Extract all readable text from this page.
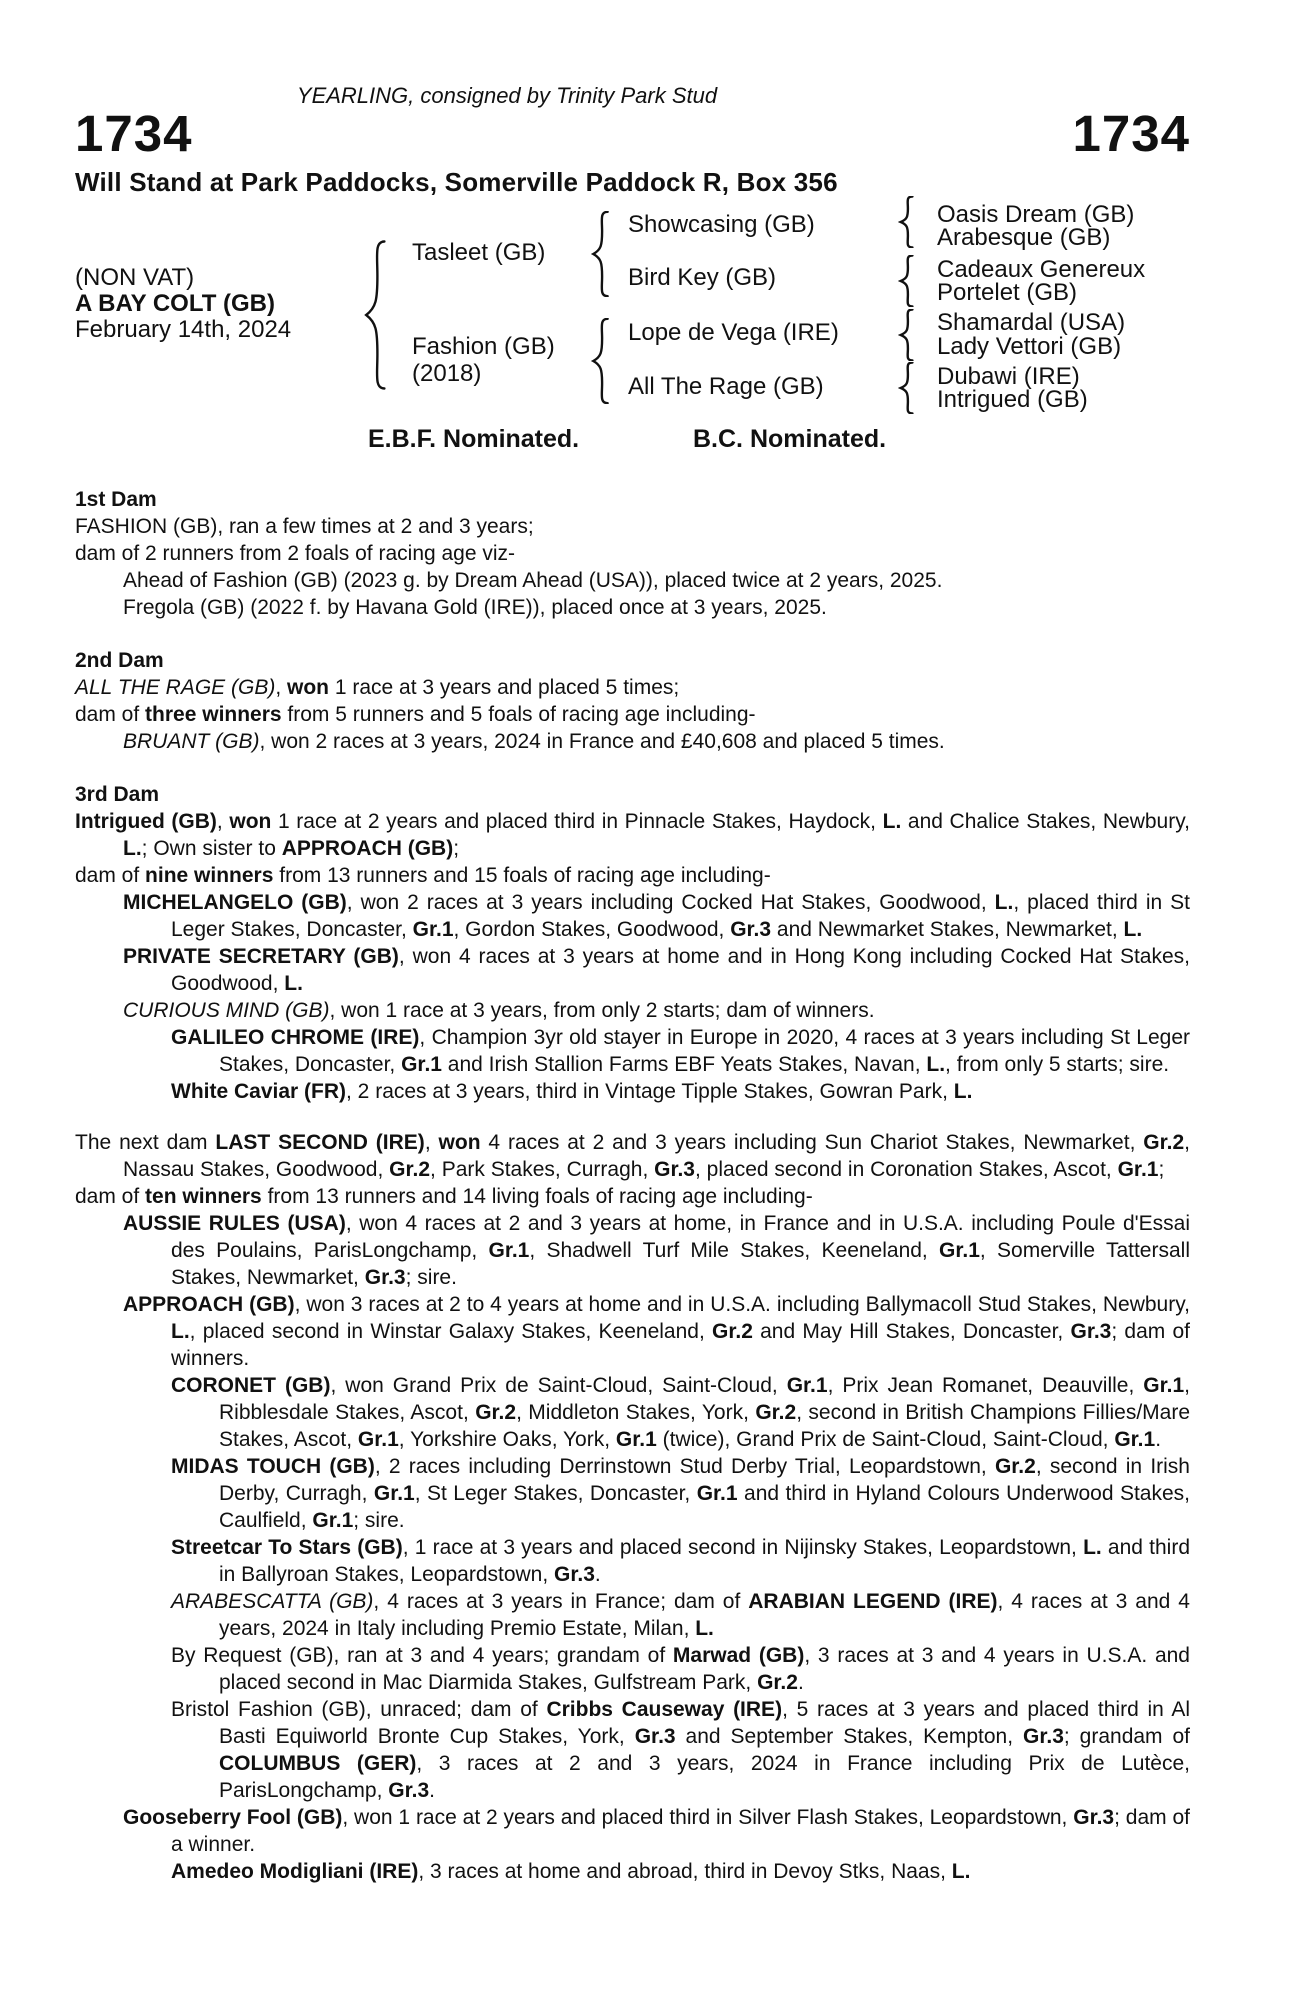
YEARLING, consigned by Trinity Park Stud
1734	1734
Will Stand at Park Paddocks, Somerville Paddock R, Box 356
(NON VAT)
A BAY COLT (GB)
February 14th, 2024
Tasleet (GB)
Fashion (GB)
(2018)
Showcasing (GB)
Bird Key (GB)
Lope de Vega (IRE)
All The Rage (GB)
Oasis Dream (GB)
Arabesque (GB)
Cadeaux Genereux
Portelet (GB)
Shamardal (USA)
Lady Vettori (GB)
Dubawi (IRE)
Intrigued (GB)
E.B.F. Nominated.	B.C. Nominated.
1st Dam

FASHION (GB), ran a few times at 2 and 3 years;

dam of 2 runners from 2 foals of racing age viz-

Ahead of Fashion (GB) (2023 g. by Dream Ahead (USA)), placed twice at 2 years, 2025.

Fregola (GB) (2022 f. by Havana Gold (IRE)), placed once at 3 years, 2025.

2nd Dam

ALL THE RAGE (GB), won 1 race at 3 years and placed 5 times;

dam of three winners from 5 runners and 5 foals of racing age including-

BRUANT (GB), won 2 races at 3 years, 2024 in France and £40,608 and placed 5 times.

3rd Dam

Intrigued (GB), won 1 race at 2 years and placed third in Pinnacle Stakes, Haydock, L. and Chalice Stakes, Newbury, L.; Own sister to APPROACH (GB);

dam of nine winners from 13 runners and 15 foals of racing age including-

MICHELANGELO (GB), won 2 races at 3 years including Cocked Hat Stakes, Goodwood, L., placed third in St Leger Stakes, Doncaster, Gr.1, Gordon Stakes, Goodwood, Gr.3 and Newmarket Stakes, Newmarket, L.

PRIVATE SECRETARY (GB), won 4 races at 3 years at home and in Hong Kong including Cocked Hat Stakes, Goodwood, L.

CURIOUS MIND (GB), won 1 race at 3 years, from only 2 starts; dam of winners.

GALILEO CHROME (IRE), Champion 3yr old stayer in Europe in 2020, 4 races at 3 years including St Leger Stakes, Doncaster, Gr.1 and Irish Stallion Farms EBF Yeats Stakes, Navan, L., from only 5 starts; sire.

White Caviar (FR), 2 races at 3 years, third in Vintage Tipple Stakes, Gowran Park, L.

The next dam LAST SECOND (IRE), won 4 races at 2 and 3 years including Sun Chariot Stakes, Newmarket, Gr.2, Nassau Stakes, Goodwood, Gr.2, Park Stakes, Curragh, Gr.3, placed second in Coronation Stakes, Ascot, Gr.1;

dam of ten winners from 13 runners and 14 living foals of racing age including-

AUSSIE RULES (USA), won 4 races at 2 and 3 years at home, in France and in U.S.A. including Poule d'Essai des Poulains, ParisLongchamp, Gr.1, Shadwell Turf Mile Stakes, Keeneland, Gr.1, Somerville Tattersall Stakes, Newmarket, Gr.3; sire.

APPROACH (GB), won 3 races at 2 to 4 years at home and in U.S.A. including Ballymacoll Stud Stakes, Newbury, L., placed second in Winstar Galaxy Stakes, Keeneland, Gr.2 and May Hill Stakes, Doncaster, Gr.3; dam of winners.

CORONET (GB), won Grand Prix de Saint-Cloud, Saint-Cloud, Gr.1, Prix Jean Romanet, Deauville, Gr.1, Ribblesdale Stakes, Ascot, Gr.2, Middleton Stakes, York, Gr.2, second in British Champions Fillies/Mare Stakes, Ascot, Gr.1, Yorkshire Oaks, York, Gr.1 (twice), Grand Prix de Saint-Cloud, Saint-Cloud, Gr.1.

MIDAS TOUCH (GB), 2 races including Derrinstown Stud Derby Trial, Leopardstown, Gr.2, second in Irish Derby, Curragh, Gr.1, St Leger Stakes, Doncaster, Gr.1 and third in Hyland Colours Underwood Stakes, Caulfield, Gr.1; sire.

Streetcar To Stars (GB), 1 race at 3 years and placed second in Nijinsky Stakes, Leopardstown, L. and third in Ballyroan Stakes, Leopardstown, Gr.3.

ARABESCATTA (GB), 4 races at 3 years in France; dam of ARABIAN LEGEND (IRE), 4 races at 3 and 4 years, 2024 in Italy including Premio Estate, Milan, L.

By Request (GB), ran at 3 and 4 years; grandam of Marwad (GB), 3 races at 3 and 4 years in U.S.A. and placed second in Mac Diarmida Stakes, Gulfstream Park, Gr.2.

Bristol Fashion (GB), unraced; dam of Cribbs Causeway (IRE), 5 races at 3 years and placed third in Al Basti Equiworld Bronte Cup Stakes, York, Gr.3 and September Stakes, Kempton, Gr.3; grandam of COLUMBUS (GER), 3 races at 2 and 3 years, 2024 in France including Prix de Lutèce, ParisLongchamp, Gr.3.

Gooseberry Fool (GB), won 1 race at 2 years and placed third in Silver Flash Stakes, Leopardstown, Gr.3; dam of a winner.

Amedeo Modigliani (IRE), 3 races at home and abroad, third in Devoy Stks, Naas, L.
